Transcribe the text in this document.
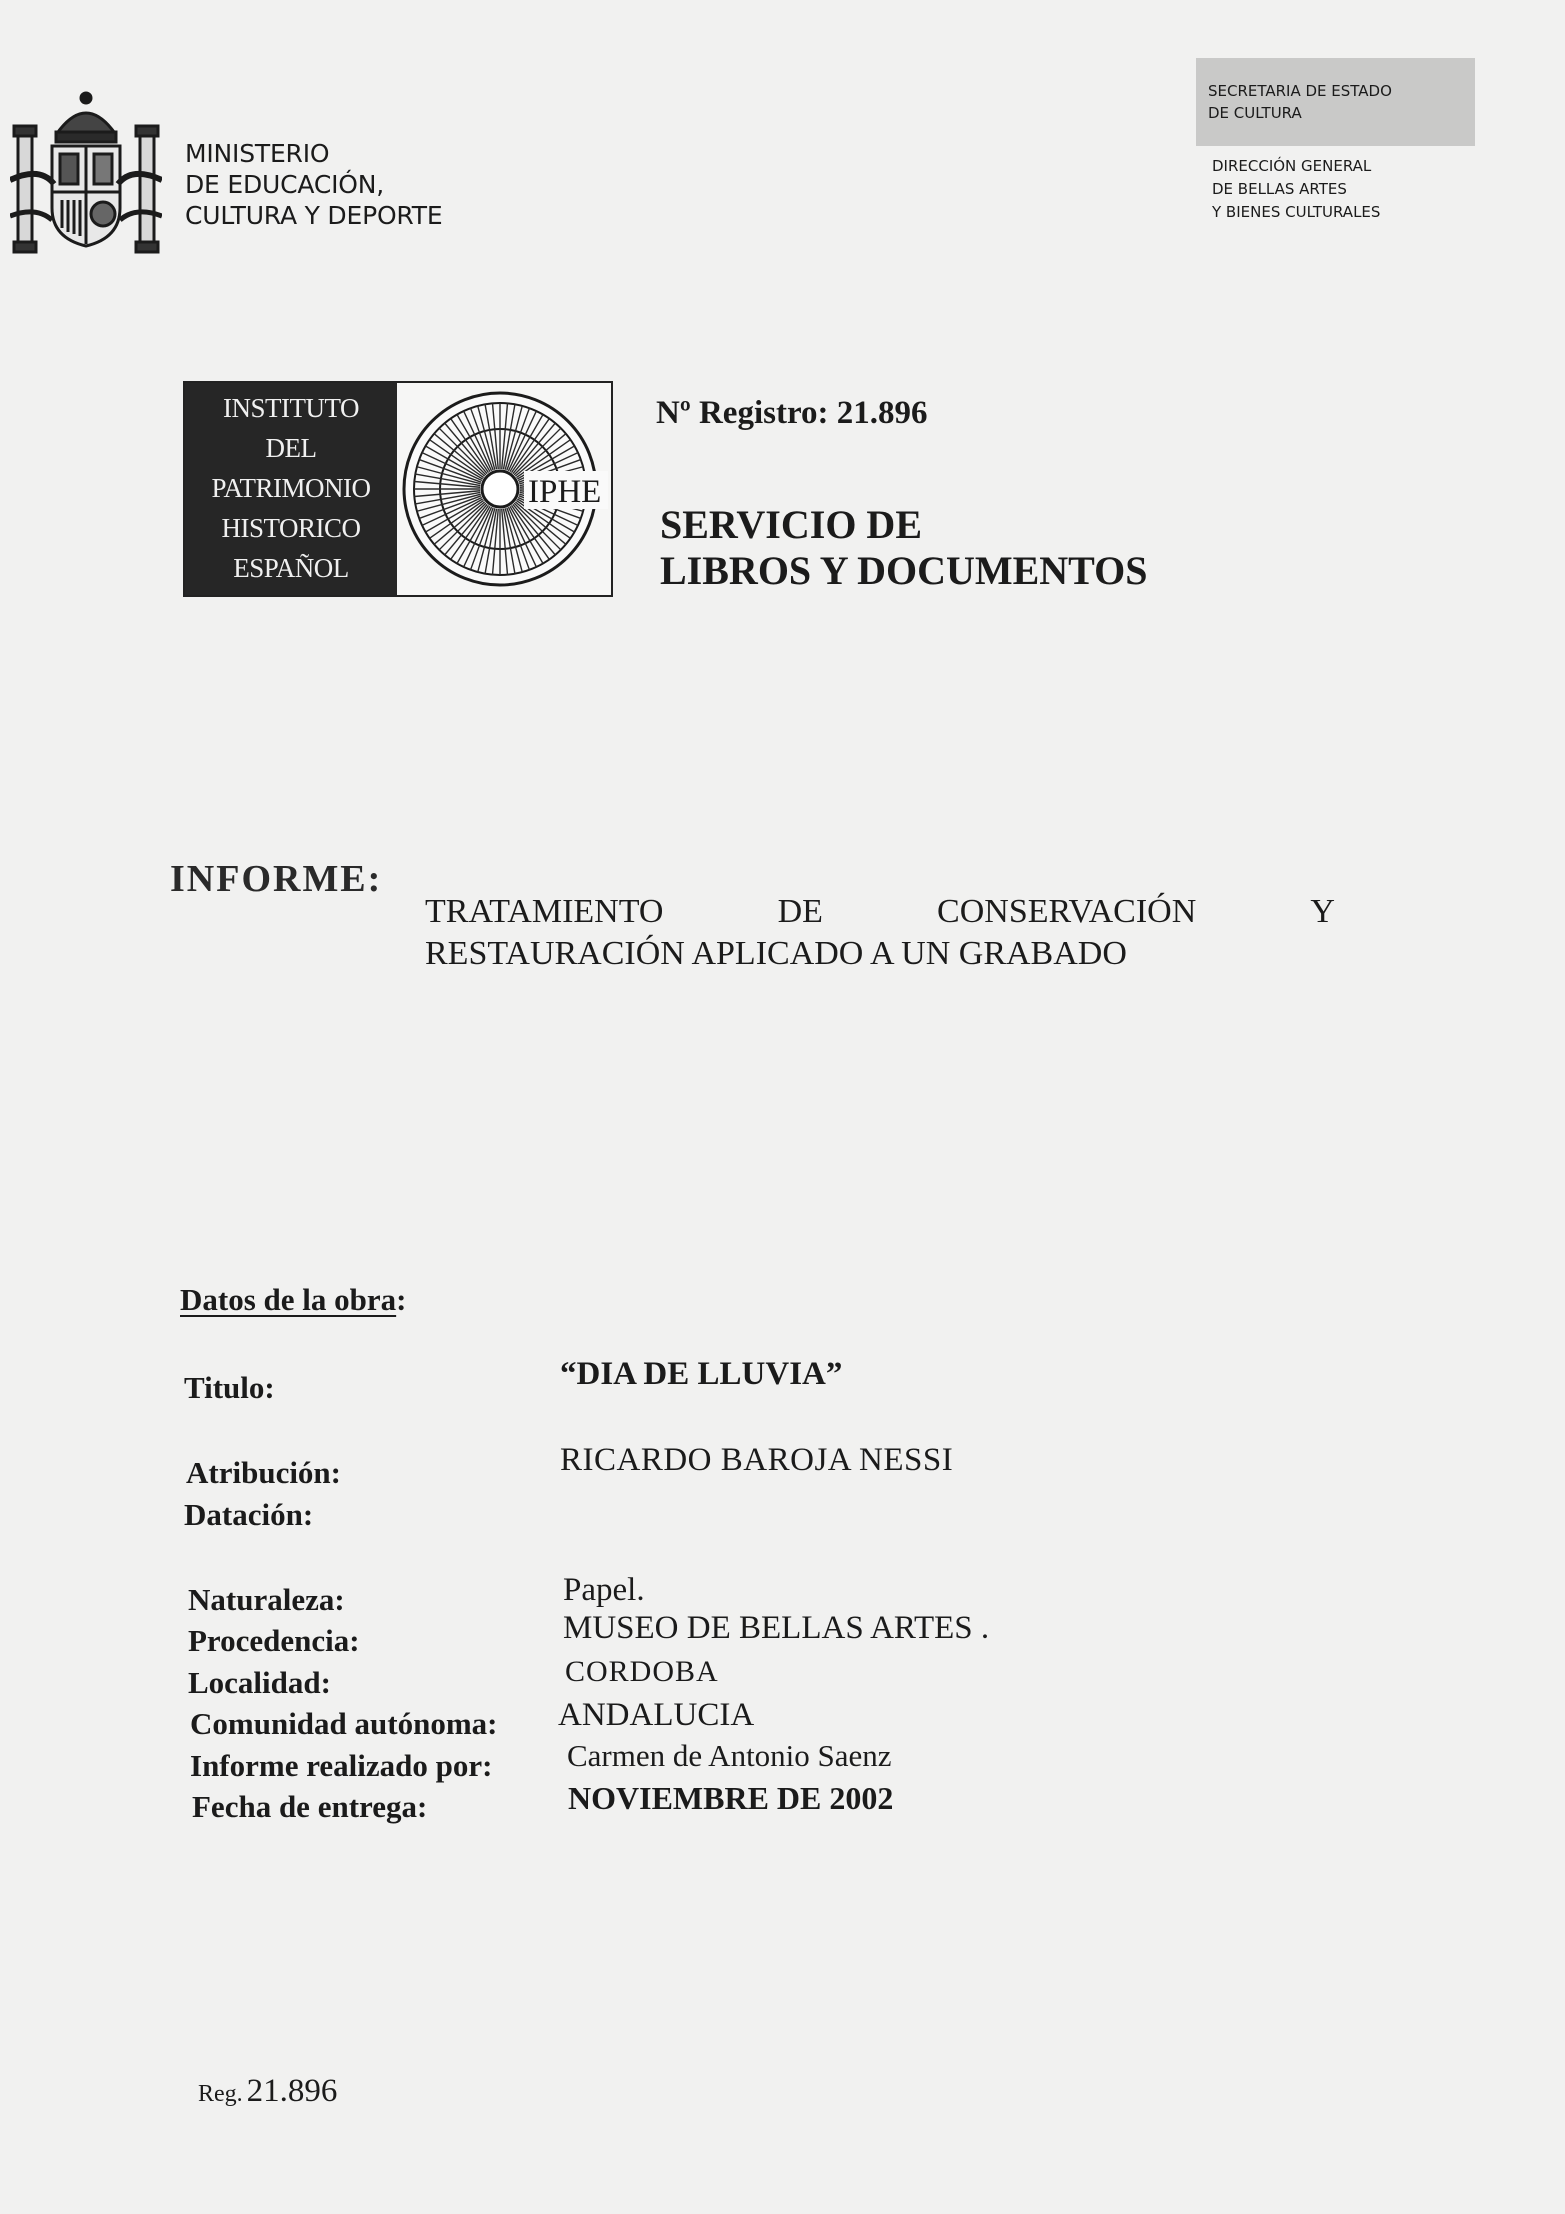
MINISTERIO
DE EDUCACIÓN,
CULTURA Y DEPORTE
SECRETARIA DE ESTADO
DE CULTURA
DIRECCIÓN GENERAL
DE BELLAS ARTES
Y BIENES CULTURALES
INSTITUTO
DEL
PATRIMONIO
HISTORICO
ESPAÑOL
IPHE
Nº Registro: 21.896
SERVICIO DE
LIBROS Y DOCUMENTOS
INFORME:
TRATAMIENTO	DE	CONSERVACIÓN	Y
RESTAURACIÓN APLICADO A UN GRABADO
Datos de la obra:
Titulo:	“DIA DE LLUVIA”
Atribución:	RICARDO BAROJA NESSI
Datación:
Naturaleza:	Papel.
Procedencia:	MUSEO DE BELLAS ARTES .
Localidad:	CORDOBA
Comunidad autónoma: ANDALUCIA
Informe realizado por: Carmen de Antonio Saenz
Fecha de entrega:	NOVIEMBRE DE 2002
Reg. 21.896
